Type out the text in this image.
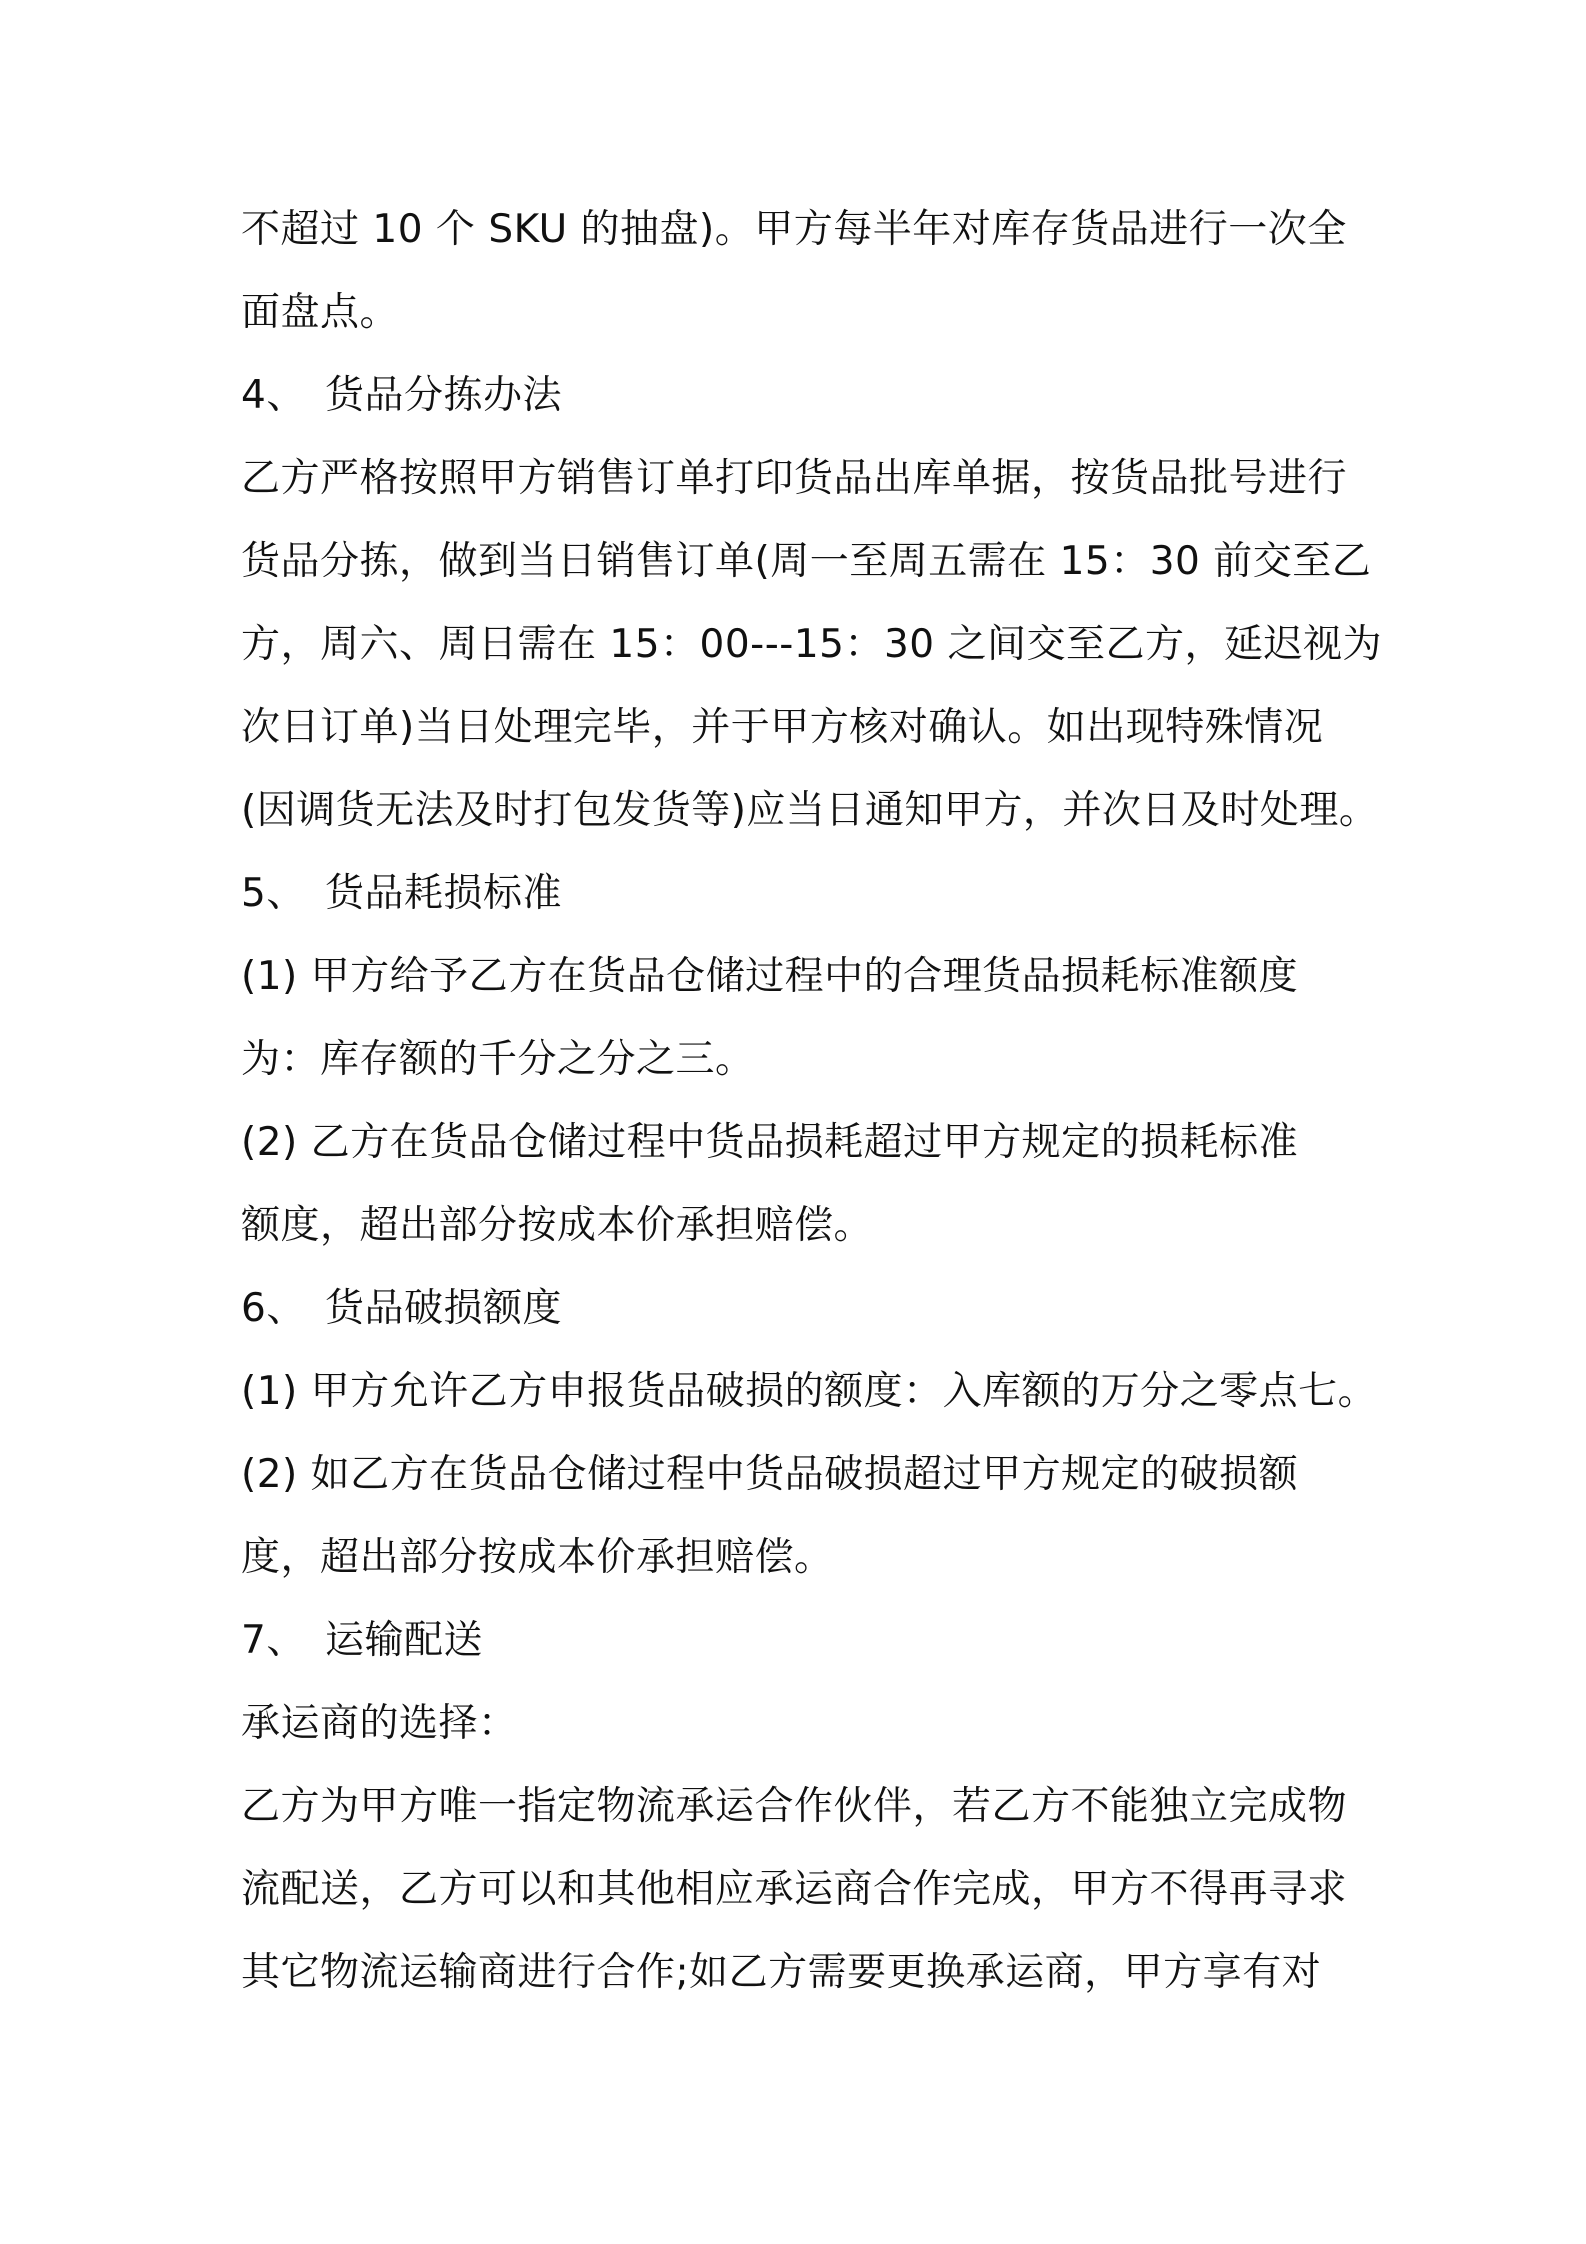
不超过 10 个 SKU 的抽盘)。甲方每半年对库存货品进行一次全
面盘点。
4、 货品分拣办法
乙方严格按照甲方销售订单打印货品出库单据，按货品批号进行
货品分拣，做到当日销售订单(周一至周五需在 15：30 前交至乙
方，周六、周日需在 15：00---15：30 之间交至乙方，延迟视为
次日订单)当日处理完毕，并于甲方核对确认。如出现特殊情况
(因调货无法及时打包发货等)应当日通知甲方，并次日及时处理。
5、 货品耗损标准
(1) 甲方给予乙方在货品仓储过程中的合理货品损耗标准额度
为：库存额的千分之分之三。
(2) 乙方在货品仓储过程中货品损耗超过甲方规定的损耗标准
额度，超出部分按成本价承担赔偿。
6、 货品破损额度
(1) 甲方允许乙方申报货品破损的额度：入库额的万分之零点七。
(2) 如乙方在货品仓储过程中货品破损超过甲方规定的破损额
度，超出部分按成本价承担赔偿。
7、 运输配送
承运商的选择：
乙方为甲方唯一指定物流承运合作伙伴，若乙方不能独立完成物
流配送，乙方可以和其他相应承运商合作完成，甲方不得再寻求
其它物流运输商进行合作;如乙方需要更换承运商，甲方享有对
